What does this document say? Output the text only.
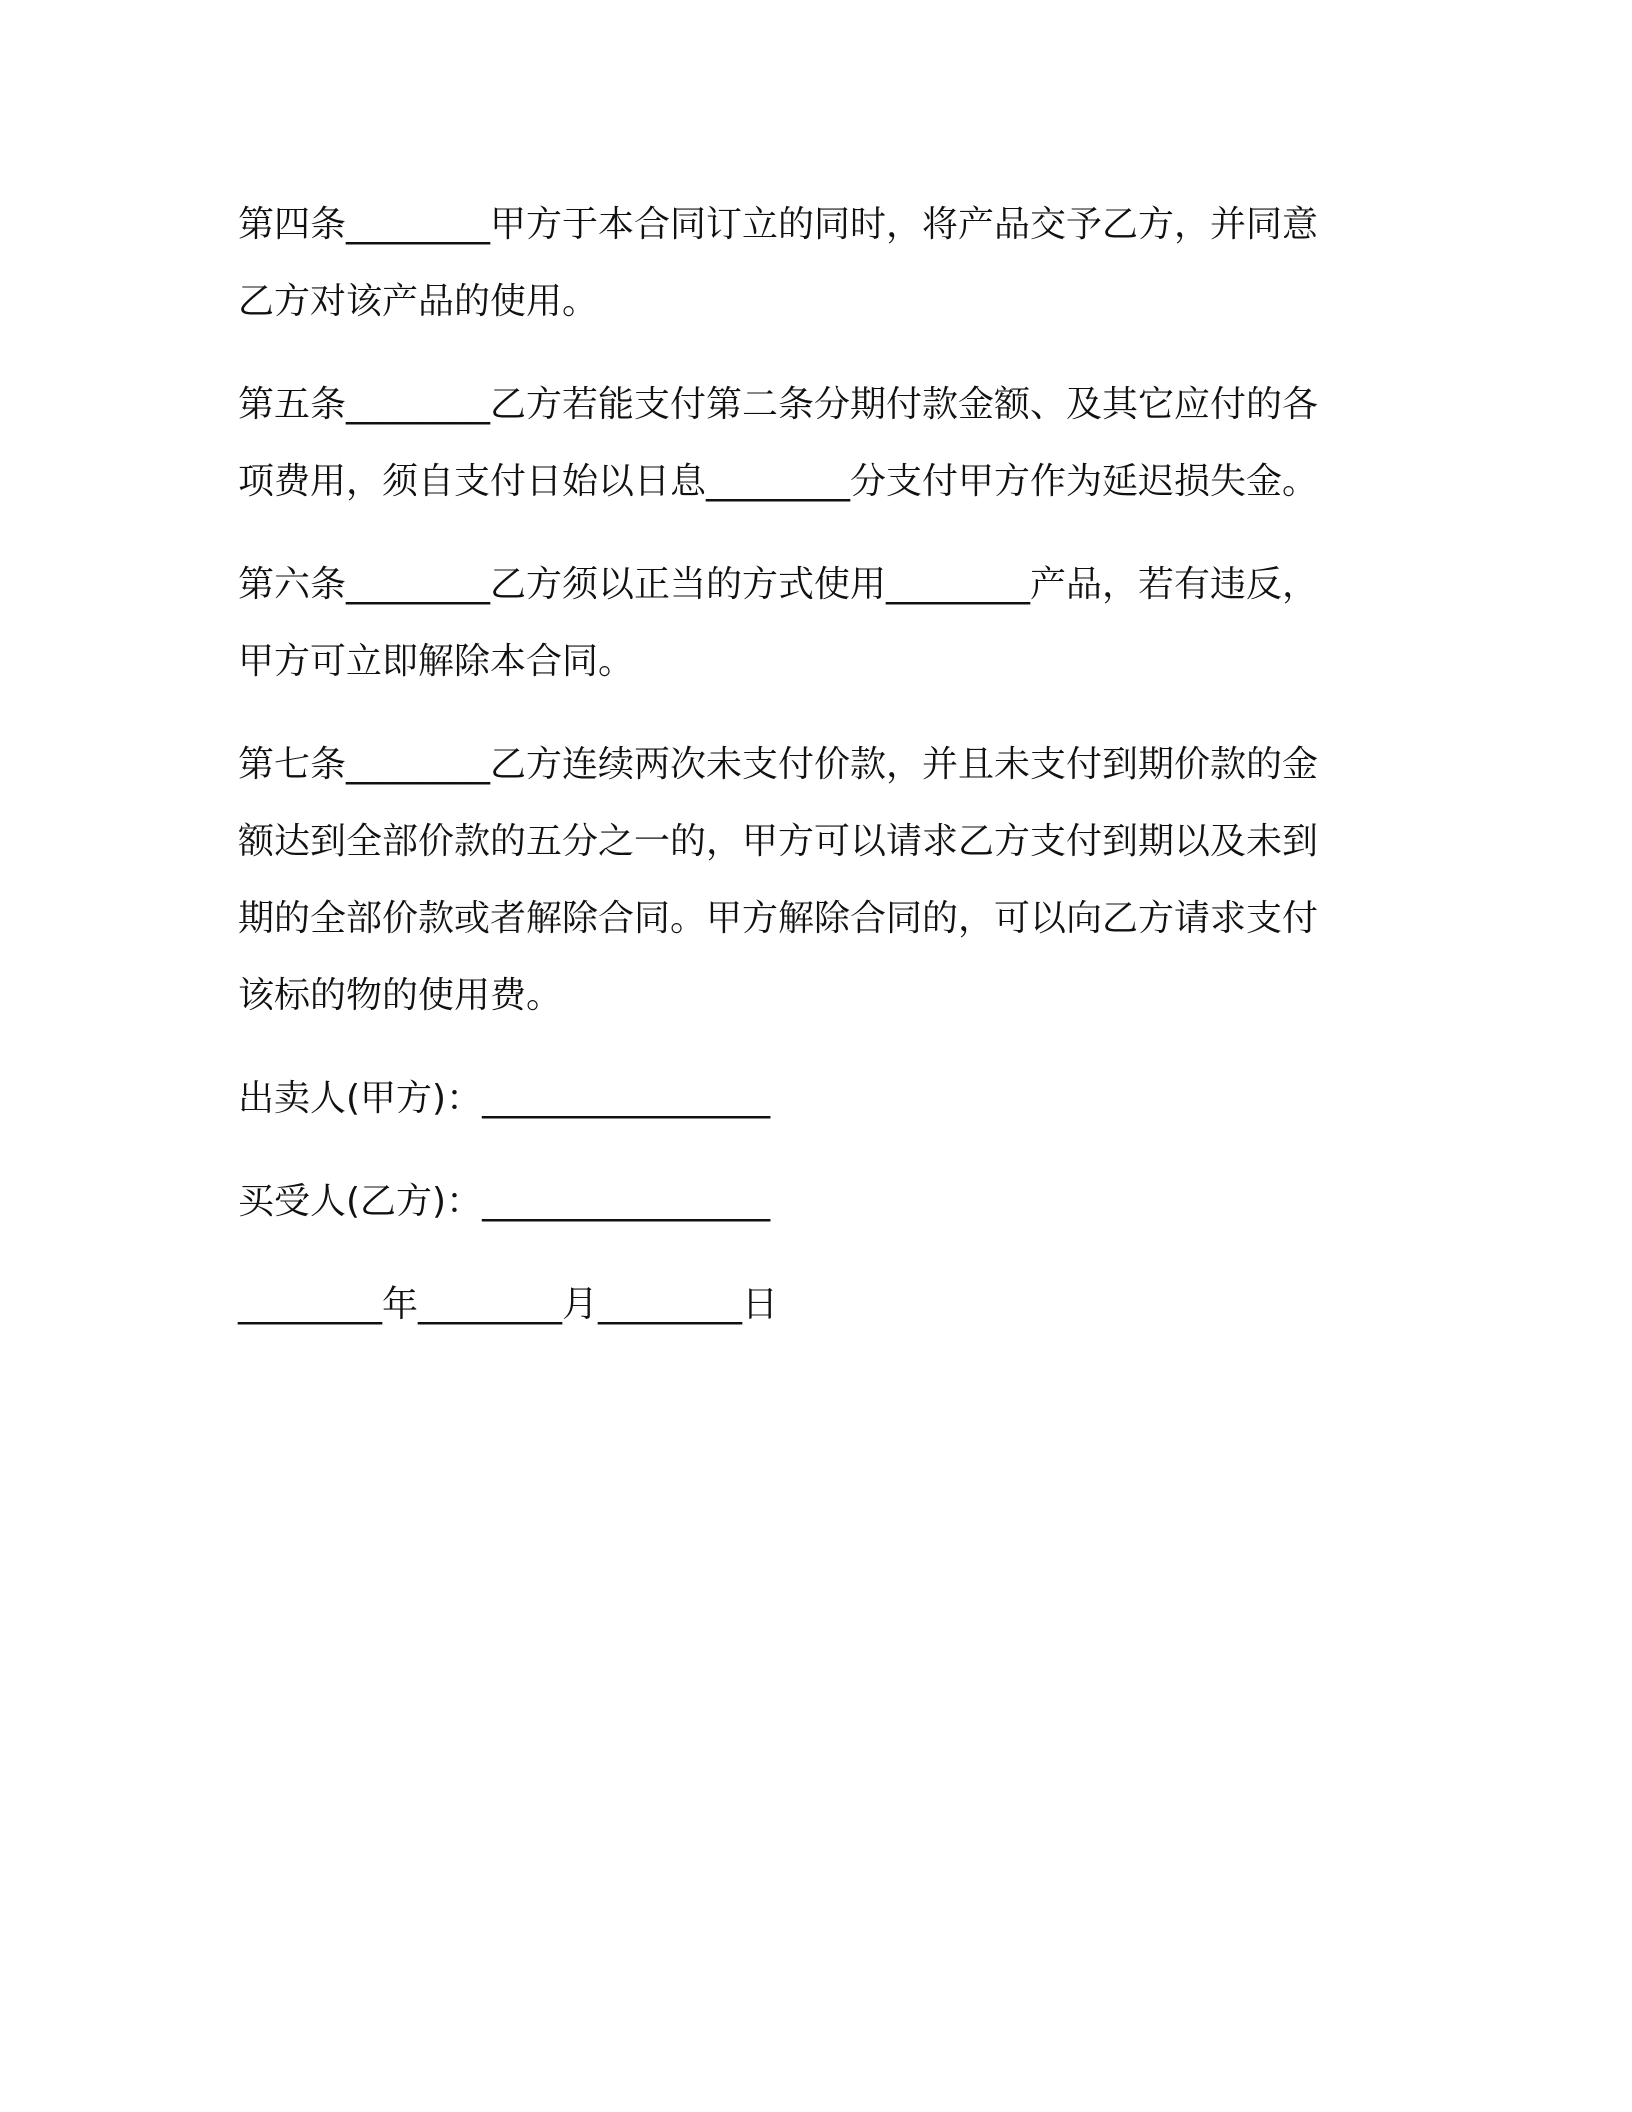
第四条________甲方于本合同订立的同时，将产品交予乙方，并同意

乙方对该产品的使用。

第五条________乙方若能支付第二条分期付款金额、及其它应付的各

项费用，须自支付日始以日息________分支付甲方作为延迟损失金。

第六条________乙方须以正当的方式使用________产品，若有违反，

甲方可立即解除本合同。

第七条________乙方连续两次未支付价款，并且未支付到期价款的金

额达到全部价款的五分之一的，甲方可以请求乙方支付到期以及未到

期的全部价款或者解除合同。甲方解除合同的，可以向乙方请求支付

该标的物的使用费。

出卖人(甲方)：________________
买受人(乙方)：________________
________年________月________日
